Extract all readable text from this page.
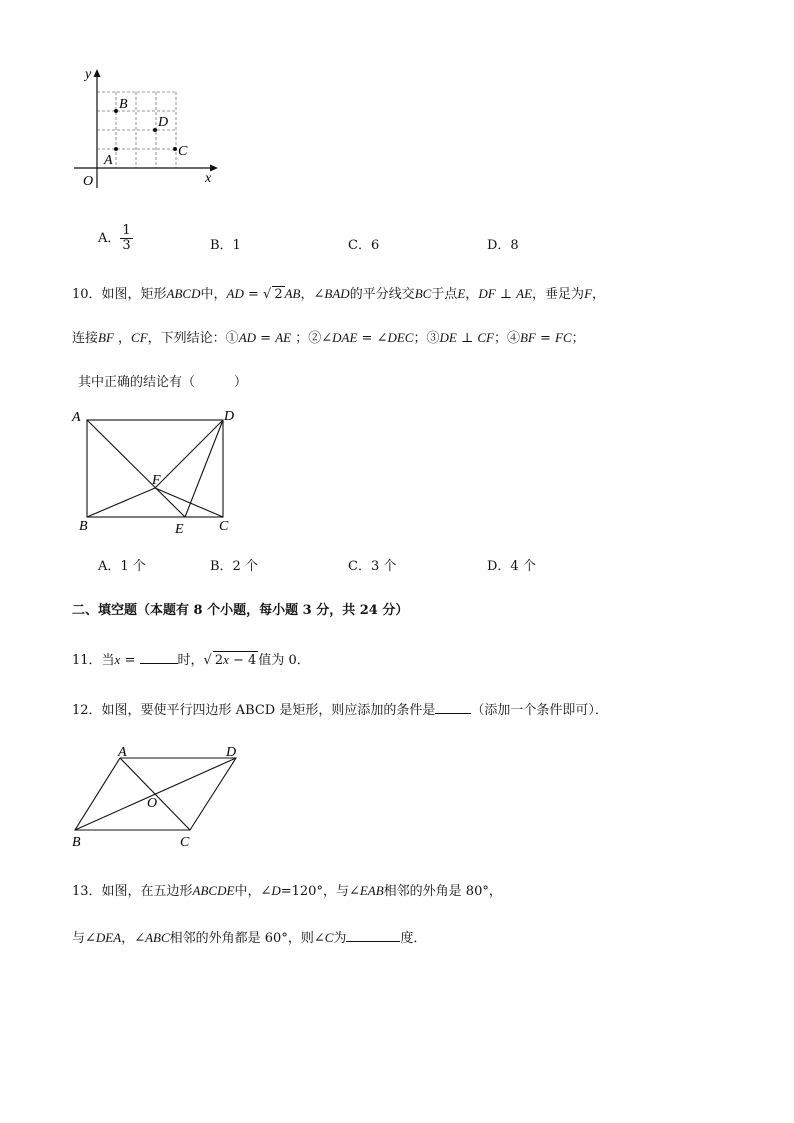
y
x
O
B
D
A
C
A． $\frac{1}{3}$	B．1	C．6	D．8
10．如图，矩形ABCD中，AD = √ 2 AB，∠BAD的平分线交BC于点E，DF ⊥ AE，垂足为F，
连接BF ，CF，下列结论：①AD = AE ；②∠DAE = ∠DEC；③DE ⊥ CF；④BF = FC；
其中正确的结论有（　　　）
A	D
F
B	E	C
A．1 个	B．2 个	C．3 个	D．4 个
二、填空题（本题有 8 个小题，每小题 3 分，共 24 分）
11．当x =	时，√ 2x − 4 值为 0．
12．如图，要使平行四边形 ABCD 是矩形，则应添加的条件是	（添加一个条件即可）．
A	D
O
B	C
13．如图，在五边形ABCDE中，∠D=120°，与∠EAB相邻的外角是 80°，
与∠DEA，∠ABC相邻的外角都是 60°，则∠C为	度．
